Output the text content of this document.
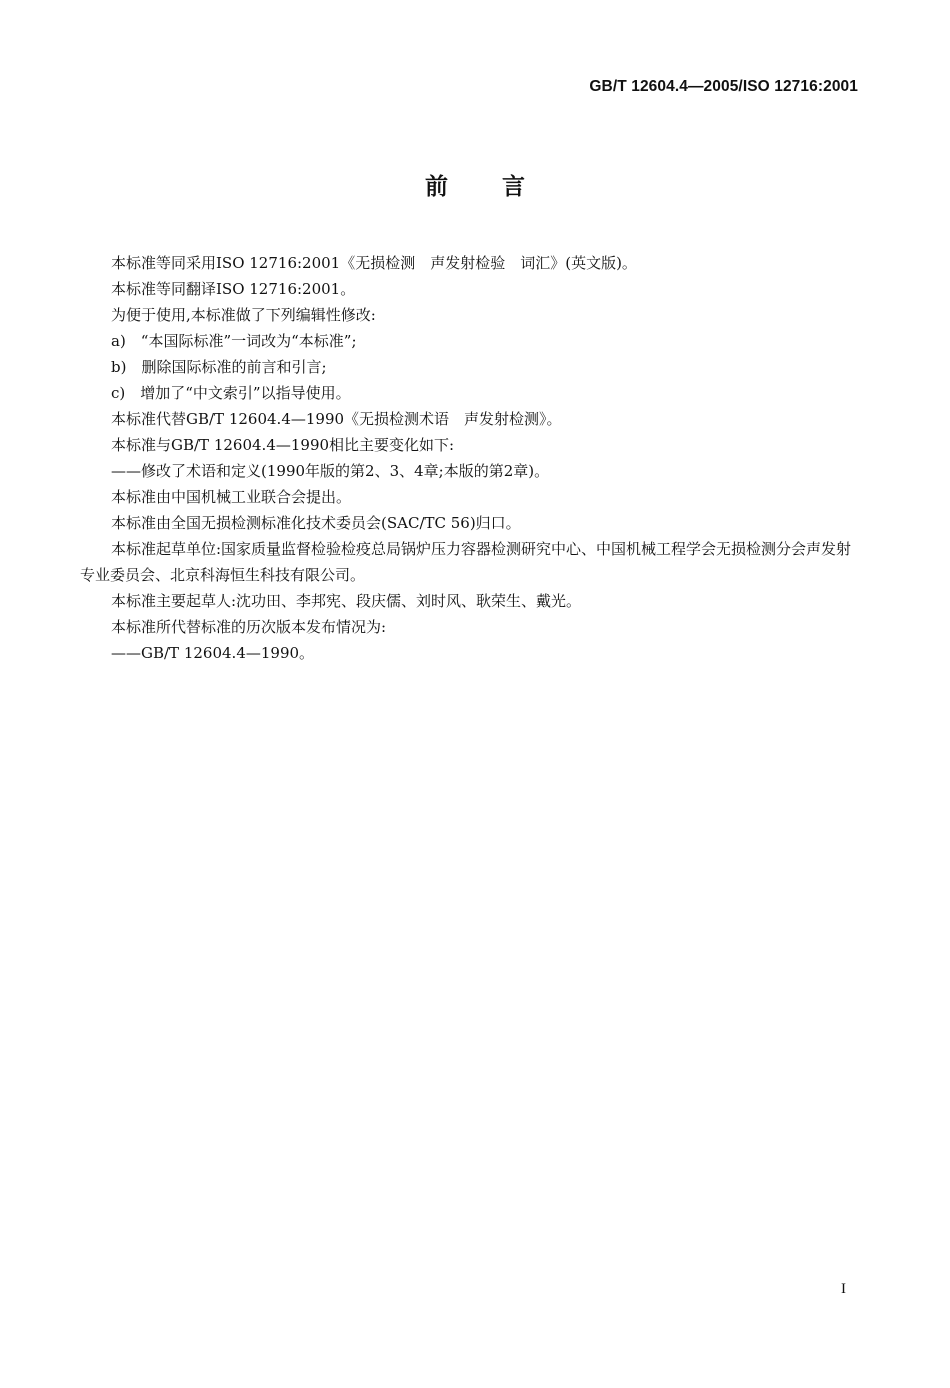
GB/T 12604.4—2005/ISO 12716:2001
前 言

本标准等同采用ISO 12716:2001《无损检测　声发射检验　词汇》(英文版)。

本标准等同翻译ISO 12716:2001。

为便于使用,本标准做了下列编辑性修改:

a)　“本国际标准”一词改为“本标准”;

b)　删除国际标准的前言和引言;

c)　增加了“中文索引”以指导使用。

本标准代替GB/T 12604.4—1990《无损检测术语　声发射检测》。

本标准与GB/T 12604.4—1990相比主要变化如下:

——修改了术语和定义(1990年版的第2、3、4章;本版的第2章)。

本标准由中国机械工业联合会提出。

本标准由全国无损检测标准化技术委员会(SAC/TC 56)归口。

本标准起草单位:国家质量监督检验检疫总局锅炉压力容器检测研究中心、中国机械工程学会无损检测分会声发射专业委员会、北京科海恒生科技有限公司。

本标准主要起草人:沈功田、李邦宪、段庆儒、刘时风、耿荣生、戴光。

本标准所代替标准的历次版本发布情况为:

——GB/T 12604.4—1990。

I
